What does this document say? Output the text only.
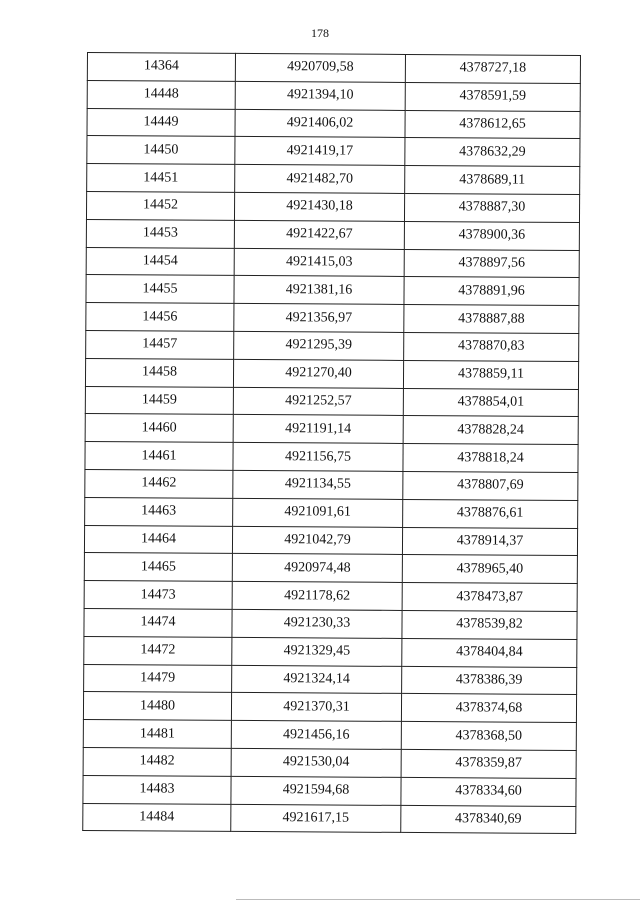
178
14364	4920709,58	4378727,18
14448	4921394,10	4378591,59
14449	4921406,02	4378612,65
14450	4921419,17	4378632,29
14451	4921482,70	4378689,11
14452	4921430,18	4378887,30
14453	4921422,67	4378900,36
14454	4921415,03	4378897,56
14455	4921381,16	4378891,96
14456	4921356,97	4378887,88
14457	4921295,39	4378870,83
14458	4921270,40	4378859,11
14459	4921252,57	4378854,01
14460	4921191,14	4378828,24
14461	4921156,75	4378818,24
14462	4921134,55	4378807,69
14463	4921091,61	4378876,61
14464	4921042,79	4378914,37
14465	4920974,48	4378965,40
14473	4921178,62	4378473,87
14474	4921230,33	4378539,82
14472	4921329,45	4378404,84
14479	4921324,14	4378386,39
14480	4921370,31	4378374,68
14481	4921456,16	4378368,50
14482	4921530,04	4378359,87
14483	4921594,68	4378334,60
14484	4921617,15	4378340,69
